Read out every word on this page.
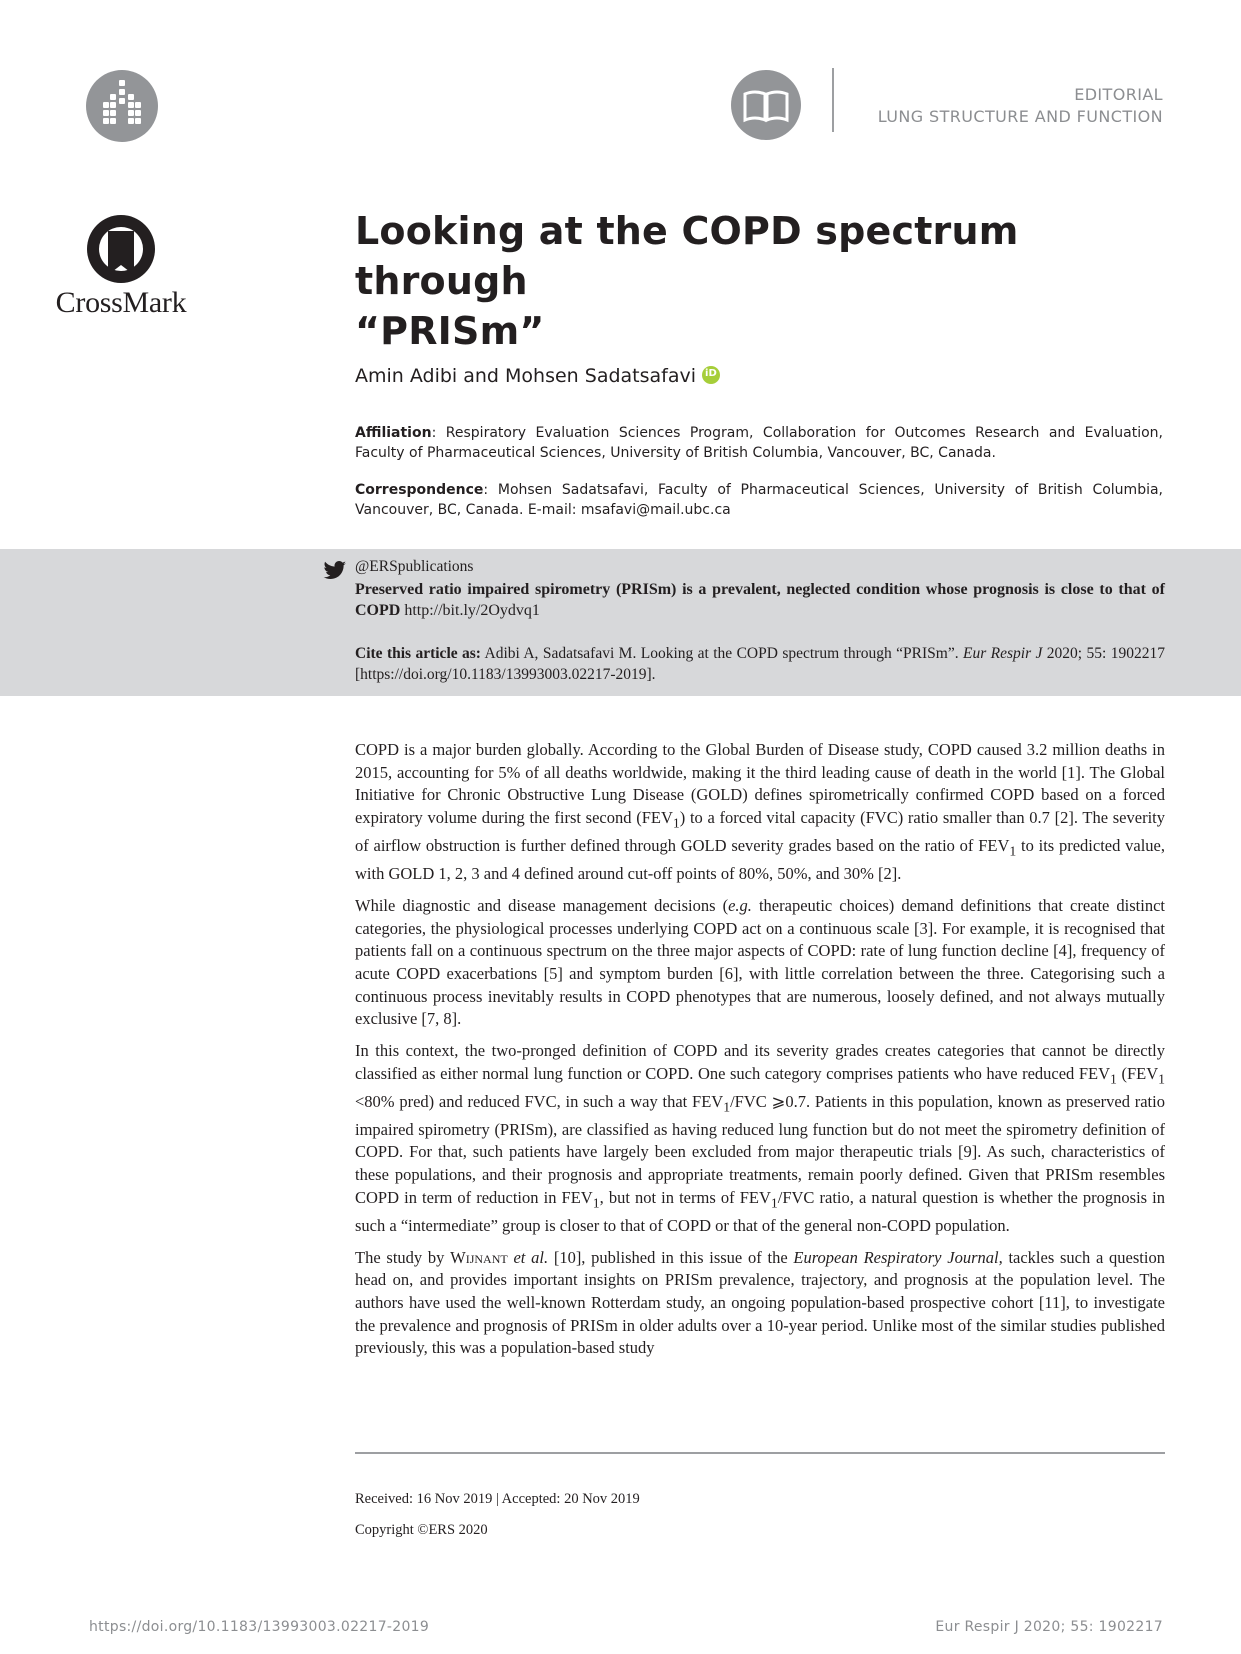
EDITORIAL
LUNG STRUCTURE AND FUNCTION
CrossMark
Looking at the COPD spectrum through
“PRISm”
Amin Adibi and Mohsen SadatsafaviiD
Affiliation: Respiratory Evaluation Sciences Program, Collaboration for Outcomes Research and Evaluation, Faculty of Pharmaceutical Sciences, University of British Columbia, Vancouver, BC, Canada.
Correspondence: Mohsen Sadatsafavi, Faculty of Pharmaceutical Sciences, University of British Columbia, Vancouver, BC, Canada. E-mail: msafavi@mail.ubc.ca
@ERSpublications
Preserved ratio impaired spirometry (PRISm) is a prevalent, neglected condition whose prognosis is close to that of COPD http://bit.ly/2Oydvq1
Cite this article as: Adibi A, Sadatsafavi M. Looking at the COPD spectrum through “PRISm”. Eur Respir J 2020; 55: 1902217 [https://doi.org/10.1183/13993003.02217-2019].

COPD is a major burden globally. According to the Global Burden of Disease study, COPD caused 3.2 million deaths in 2015, accounting for 5% of all deaths worldwide, making it the third leading cause of death in the world [1]. The Global Initiative for Chronic Obstructive Lung Disease (GOLD) defines spirometrically confirmed COPD based on a forced expiratory volume during the first second $(FEV_1)$ to a forced vital capacity (FVC) ratio smaller than 0.7 [2]. The severity of airflow obstruction is further defined through GOLD severity grades based on the ratio of $FEV_1$ to its predicted value, with GOLD 1, 2, 3 and 4 defined around cut-off points of 80%, 50%, and 30% [2].

While diagnostic and disease management decisions (e.g. therapeutic choices) demand definitions that create distinct categories, the physiological processes underlying COPD act on a continuous scale [3]. For example, it is recognised that patients fall on a continuous spectrum on the three major aspects of COPD: rate of lung function decline [4], frequency of acute COPD exacerbations [5] and symptom burden [6], with little correlation between the three. Categorising such a continuous process inevitably results in COPD phenotypes that are numerous, loosely defined, and not always mutually exclusive [7, 8].

In this context, the two-pronged definition of COPD and its severity grades creates categories that cannot be directly classified as either normal lung function or COPD. One such category comprises patients who have reduced $FEV_1$ ($FEV_1 <80\%$ pred) and reduced FVC, in such a way that $FEV_1$/FVC ⩾0.7. Patients in this population, known as preserved ratio impaired spirometry (PRISm), are classified as having reduced lung function but do not meet the spirometry definition of COPD. For that, such patients have largely been excluded from major therapeutic trials [9]. As such, characteristics of these populations, and their prognosis and appropriate treatments, remain poorly defined. Given that PRISm resembles COPD in term of reduction in $FEV_1$, but not in terms of $FEV_1$/FVC ratio, a natural question is whether the prognosis in such a “intermediate” group is closer to that of COPD or that of the general non-COPD population.

The study by Wijnant et al. [10], published in this issue of the European Respiratory Journal, tackles such a question head on, and provides important insights on PRISm prevalence, trajectory, and prognosis at the population level. The authors have used the well-known Rotterdam study, an ongoing population-based prospective cohort [11], to investigate the prevalence and prognosis of PRISm in older adults over a 10-year period. Unlike most of the similar studies published previously, this was a population-based study

Received: 16 Nov 2019 | Accepted: 20 Nov 2019
Copyright ©ERS 2020
https://doi.org/10.1183/13993003.02217-2019	Eur Respir J 2020; 55: 1902217
